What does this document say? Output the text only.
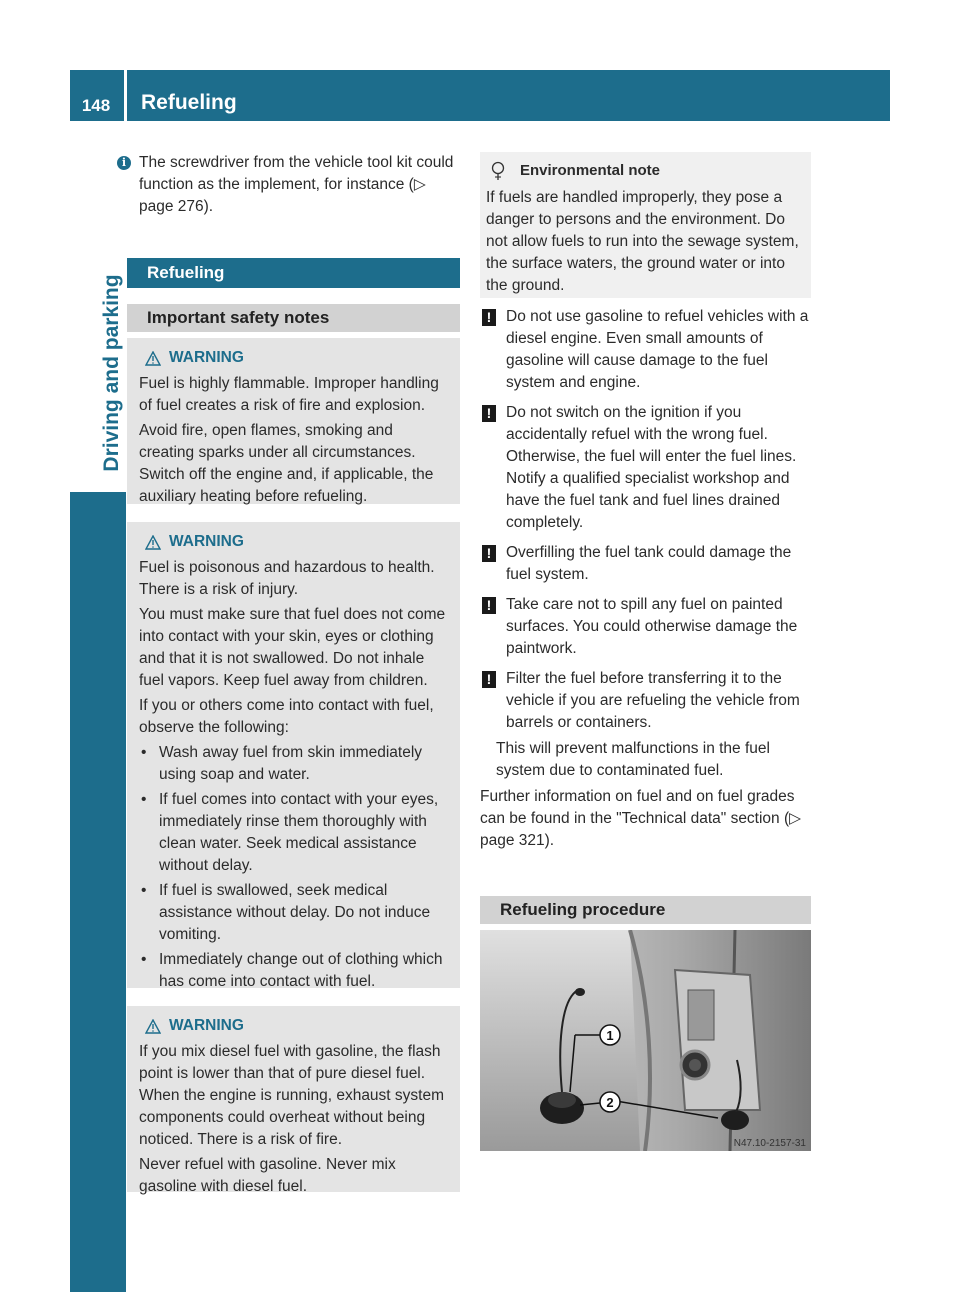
148	Refueling
Driving and parking
i The screwdriver from the vehicle tool kit could function as the implement, for instance (▷ page 276).

Refueling
Important safety notes
WARNING

Fuel is highly flammable. Improper handling of fuel creates a risk of fire and explosion.

Avoid fire, open flames, smoking and creating sparks under all circumstances. Switch off the engine and, if applicable, the auxiliary heating before refueling.

WARNING

Fuel is poisonous and hazardous to health. There is a risk of injury.

You must make sure that fuel does not come into contact with your skin, eyes or clothing and that it is not swallowed. Do not inhale fuel vapors. Keep fuel away from children.

If you or others come into contact with fuel, observe the following:

• Wash away fuel from skin immediately using soap and water.
• If fuel comes into contact with your eyes, immediately rinse them thoroughly with clean water. Seek medical assistance without delay.
• If fuel is swallowed, seek medical assistance without delay. Do not induce vomiting.
• Immediately change out of clothing which has come into contact with fuel.
WARNING

If you mix diesel fuel with gasoline, the flash point is lower than that of pure diesel fuel. When the engine is running, exhaust system components could overheat without being noticed. There is a risk of fire.

Never refuel with gasoline. Never mix gasoline with diesel fuel.

Environmental note

If fuels are handled improperly, they pose a danger to persons and the environment. Do not allow fuels to run into the sewage system, the surface waters, the ground water or into the ground.

! Do not use gasoline to refuel vehicles with a diesel engine. Even small amounts of gasoline will cause damage to the fuel system and engine.

! Do not switch on the ignition if you accidentally refuel with the wrong fuel. Otherwise, the fuel will enter the fuel lines. Notify a qualified specialist workshop and have the fuel tank and fuel lines drained completely.

! Overfilling the fuel tank could damage the fuel system.

! Take care not to spill any fuel on painted surfaces. You could otherwise damage the paintwork.

! Filter the fuel before transferring it to the vehicle if you are refueling the vehicle from barrels or containers.

This will prevent malfunctions in the fuel system due to contaminated fuel.

Further information on fuel and on fuel grades can be found in the "Technical data" section (▷ page 321).

Refueling procedure
1
2
N47.10-2157-31
